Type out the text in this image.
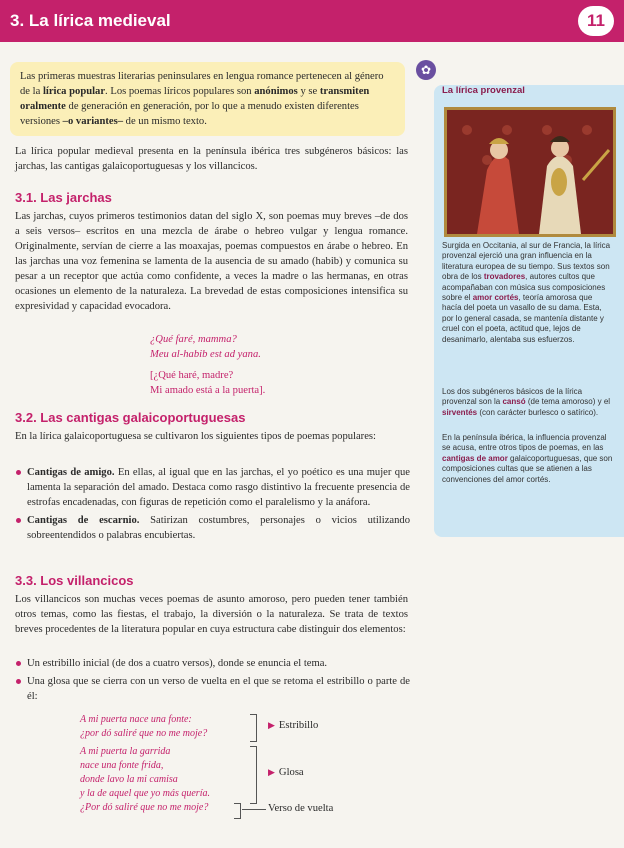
3. La lírica medieval	11
Las primeras muestras literarias peninsulares en lengua romance pertenecen al género de la lírica popular. Los poemas líricos populares son anónimos y se transmiten oralmente de generación en generación, por lo que a menudo existen diferentes versiones –o variantes– de un mismo texto.

La lírica popular medieval presenta en la península ibérica tres subgéneros básicos: las jarchas, las cantigas galaicoportuguesas y los villancicos.

3.1. Las jarchas

Las jarchas, cuyos primeros testimonios datan del siglo X, son poemas muy breves –de dos a seis versos– escritos en una mezcla de árabe o hebreo vulgar y lengua romance. Originalmente, servían de cierre a las moaxajas, poemas compuestos en árabe o hebreo. En las jarchas una voz femenina se lamenta de la ausencia de su amado (habib) y comunica su pesar a un receptor que actúa como confidente, a veces la madre o las hermanas, en otras ocasiones un elemento de la naturaleza. La brevedad de estas composiciones intensifica su expresividad y capacidad evocadora.

¿Qué faré, mamma?
Meu al-habib est ad yana.
[¿Qué haré, madre?
Mi amado está a la puerta].
3.2. Las cantigas galaicoportuguesas

En la lírica galaicoportuguesa se cultivaron los siguientes tipos de poemas populares:

Cantigas de amigo. En ellas, al igual que en las jarchas, el yo poético es una mujer que lamenta la separación del amado. Destaca como rasgo distintivo la frecuente presencia de estrofas encadenadas, con figuras de repetición como el paralelismo y la anáfora.
Cantigas de escarnio. Satirizan costumbres, personajes o vicios utilizando sobreentendidos o palabras encubiertas.
3.3. Los villancicos

Los villancicos son muchas veces poemas de asunto amoroso, pero pueden tener también otros temas, como las fiestas, el trabajo, la diversión o la naturaleza. Se trata de textos breves procedentes de la literatura popular en cuya estructura cabe distinguir dos elementos:

Un estribillo inicial (de dos a cuatro versos), donde se enuncia el tema.
Una glosa que se cierra con un verso de vuelta en el que se retoma el estribillo o parte de él:
A mi puerta nace una fonte:
¿por dó saliré que no me moje?
A mi puerta la garrida
nace una fonte frida,
donde lavo la mi camisa
y la de aquel que yo más quería.
¿Por dó saliré que no me moje?
▶ Estribillo
▶ Glosa
Verso de vuelta
✿
La lírica provenzal
Surgida en Occitania, al sur de Francia, la lírica provenzal ejerció una gran influencia en la literatura europea de su tiempo. Sus textos son obra de los trovadores, autores cultos que acompañaban con música sus composiciones sobre el amor cortés, teoría amorosa que hacía del poeta un vasallo de su dama. Esta, por lo general casada, se mantenía distante y cruel con el poeta, actitud que, lejos de desanimarlo, alentaba sus esfuerzos.
Los dos subgéneros básicos de la lírica provenzal son la cansó (de tema amoroso) y el sirventés (con carácter burlesco o satírico).
En la península ibérica, la influencia provenzal se acusa, entre otros tipos de poemas, en las cantigas de amor galaicoportuguesas, que son composiciones cultas que se atienen a las convenciones del amor cortés.
